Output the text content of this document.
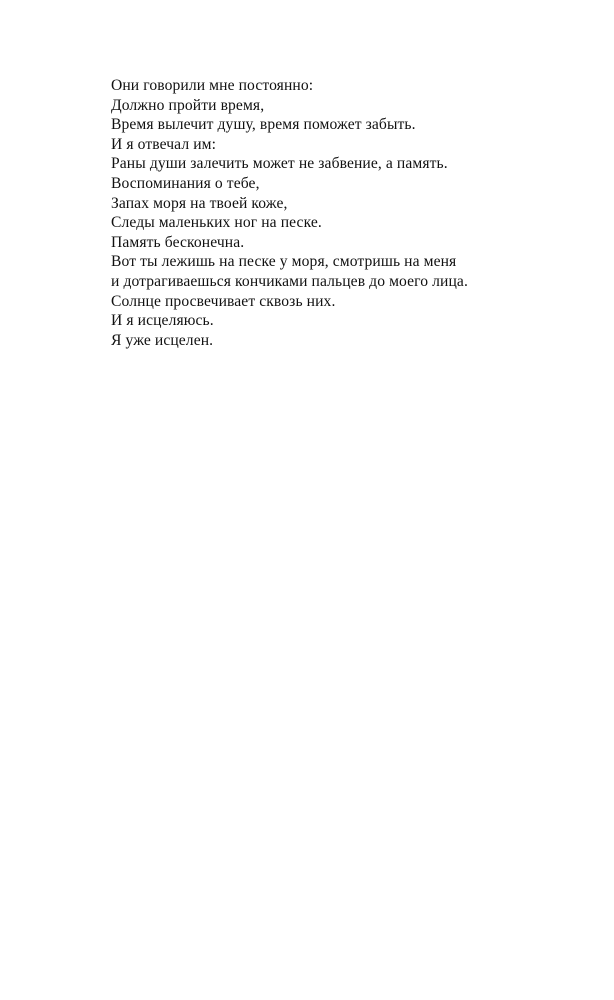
Они говорили мне постоянно:
Должно пройти время,
Время вылечит душу, время поможет забыть.
И я отвечал им:
Раны души залечить может не забвение, а память.
Воспоминания о тебе,
Запах моря на твоей коже,
Следы маленьких ног на песке.
Память бесконечна.
Вот ты лежишь на песке у моря, смотришь на меня
и дотрагиваешься кончиками пальцев до моего лица.
Солнце просвечивает сквозь них.
И я исцеляюсь.
Я уже исцелен.
